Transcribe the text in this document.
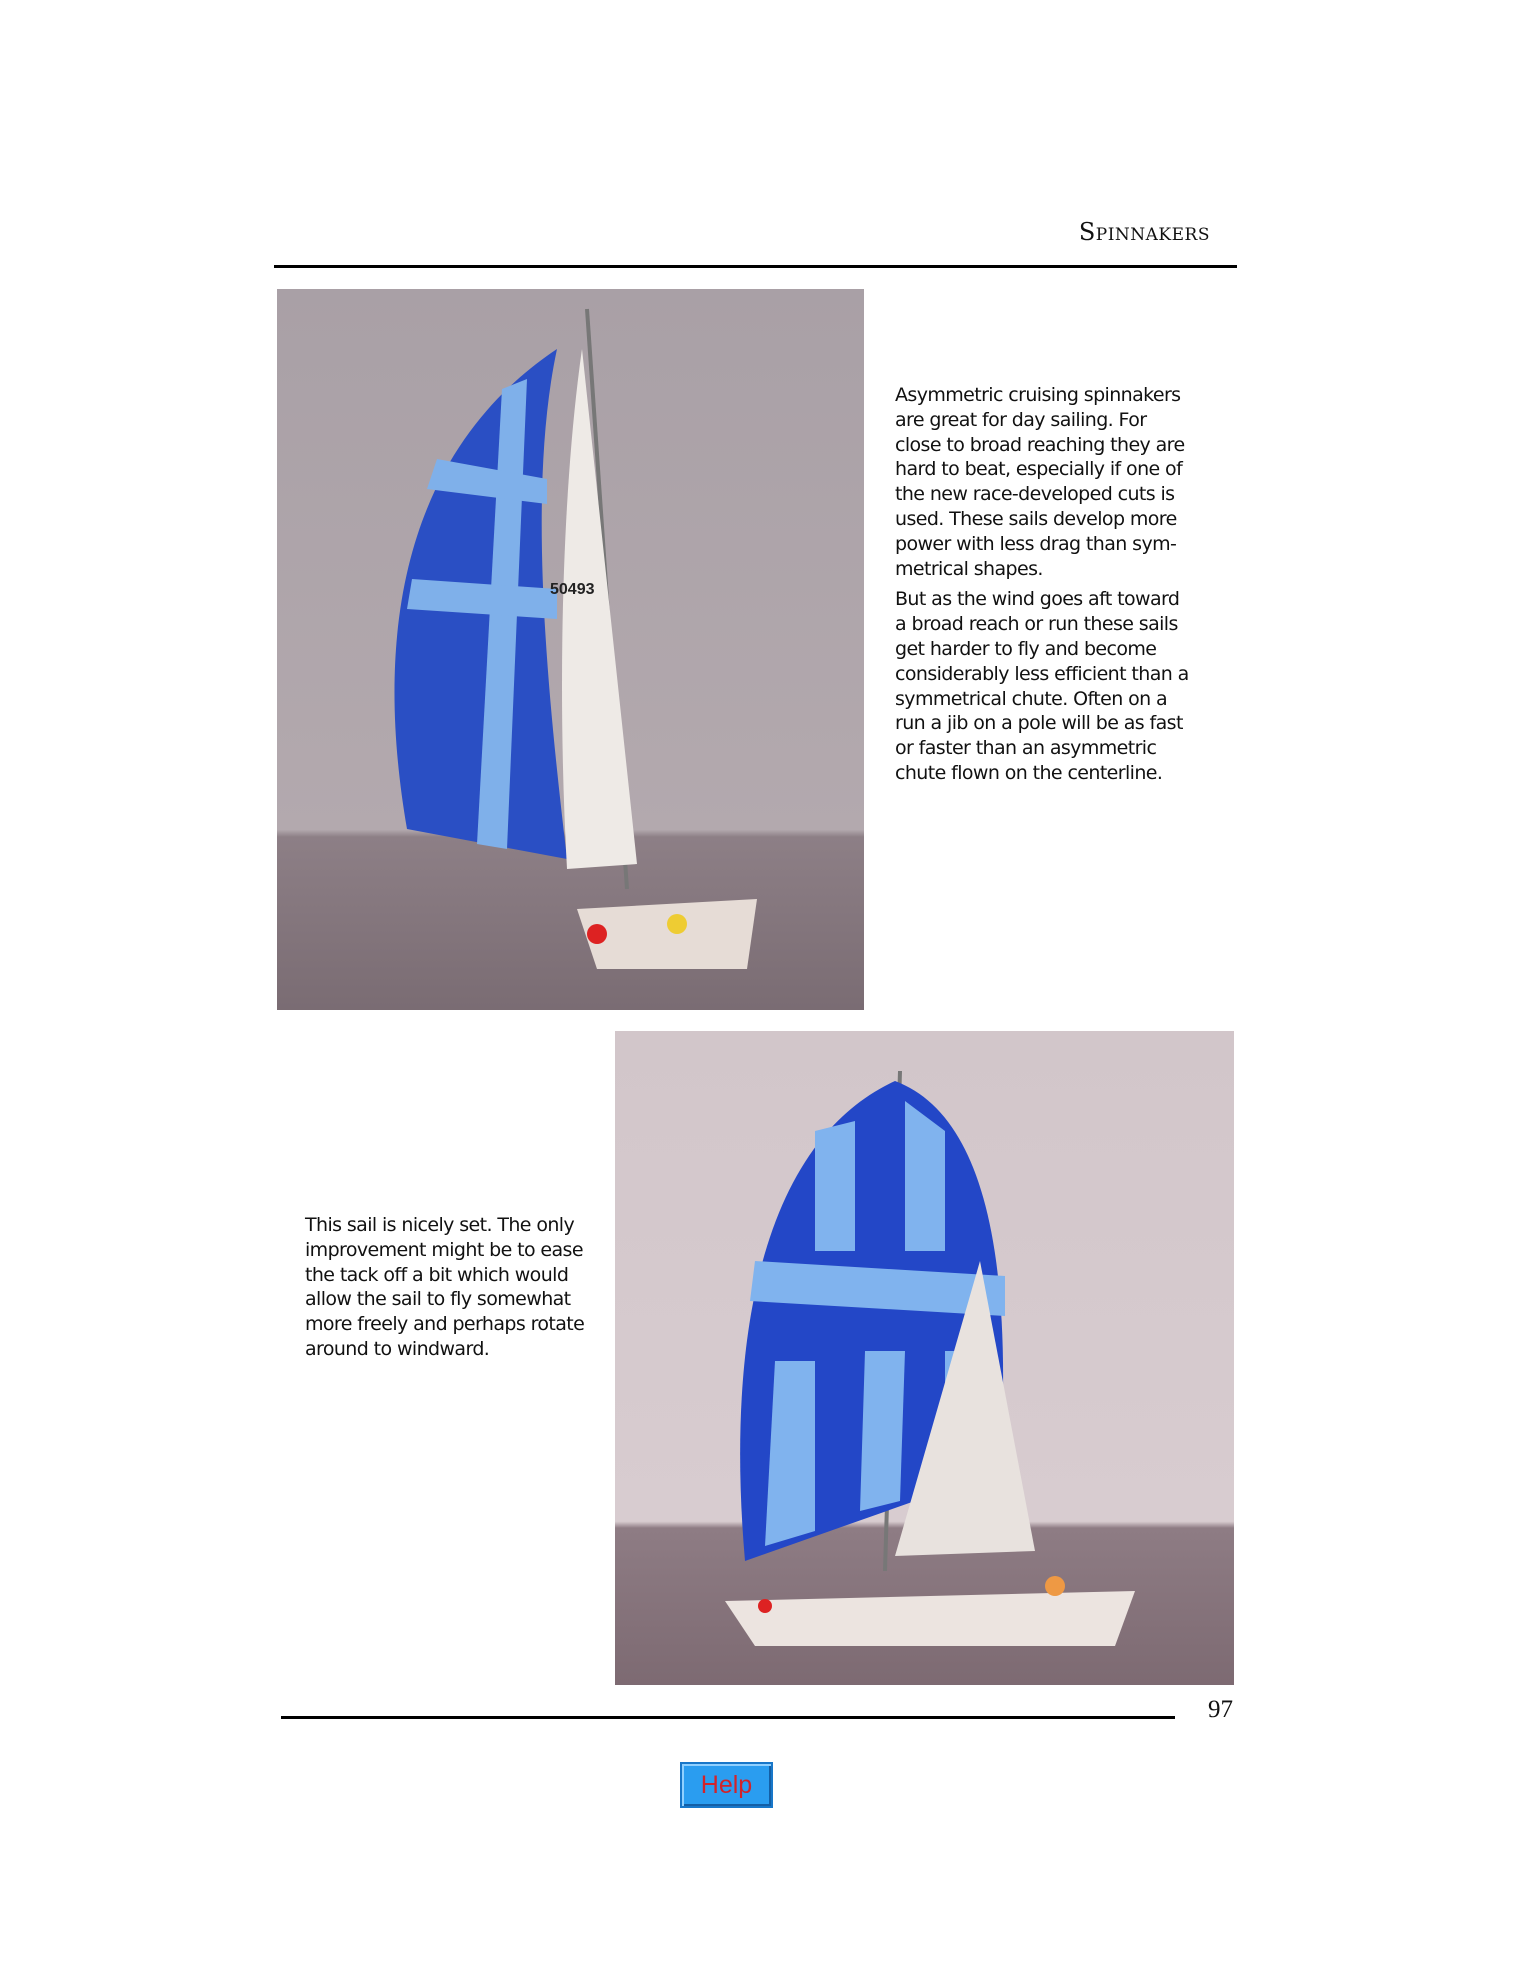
Spinnakers
50493

Asymmetric cruising spinnakers are great for day sailing. For close to broad reaching they are hard to beat, especially if one of the new race-developed cuts is used. These sails develop more power with less drag than sym-metrical shapes.

But as the wind goes aft toward a broad reach or run these sails get harder to fly and become considerably less efficient than a symmetrical chute. Often on a run a jib on a pole will be as fast or faster than an asymmetric chute flown on the centerline.

This sail is nicely set. The only improvement might be to ease the tack off a bit which would allow the sail to fly somewhat more freely and perhaps rotate around to windward.
97
Help
